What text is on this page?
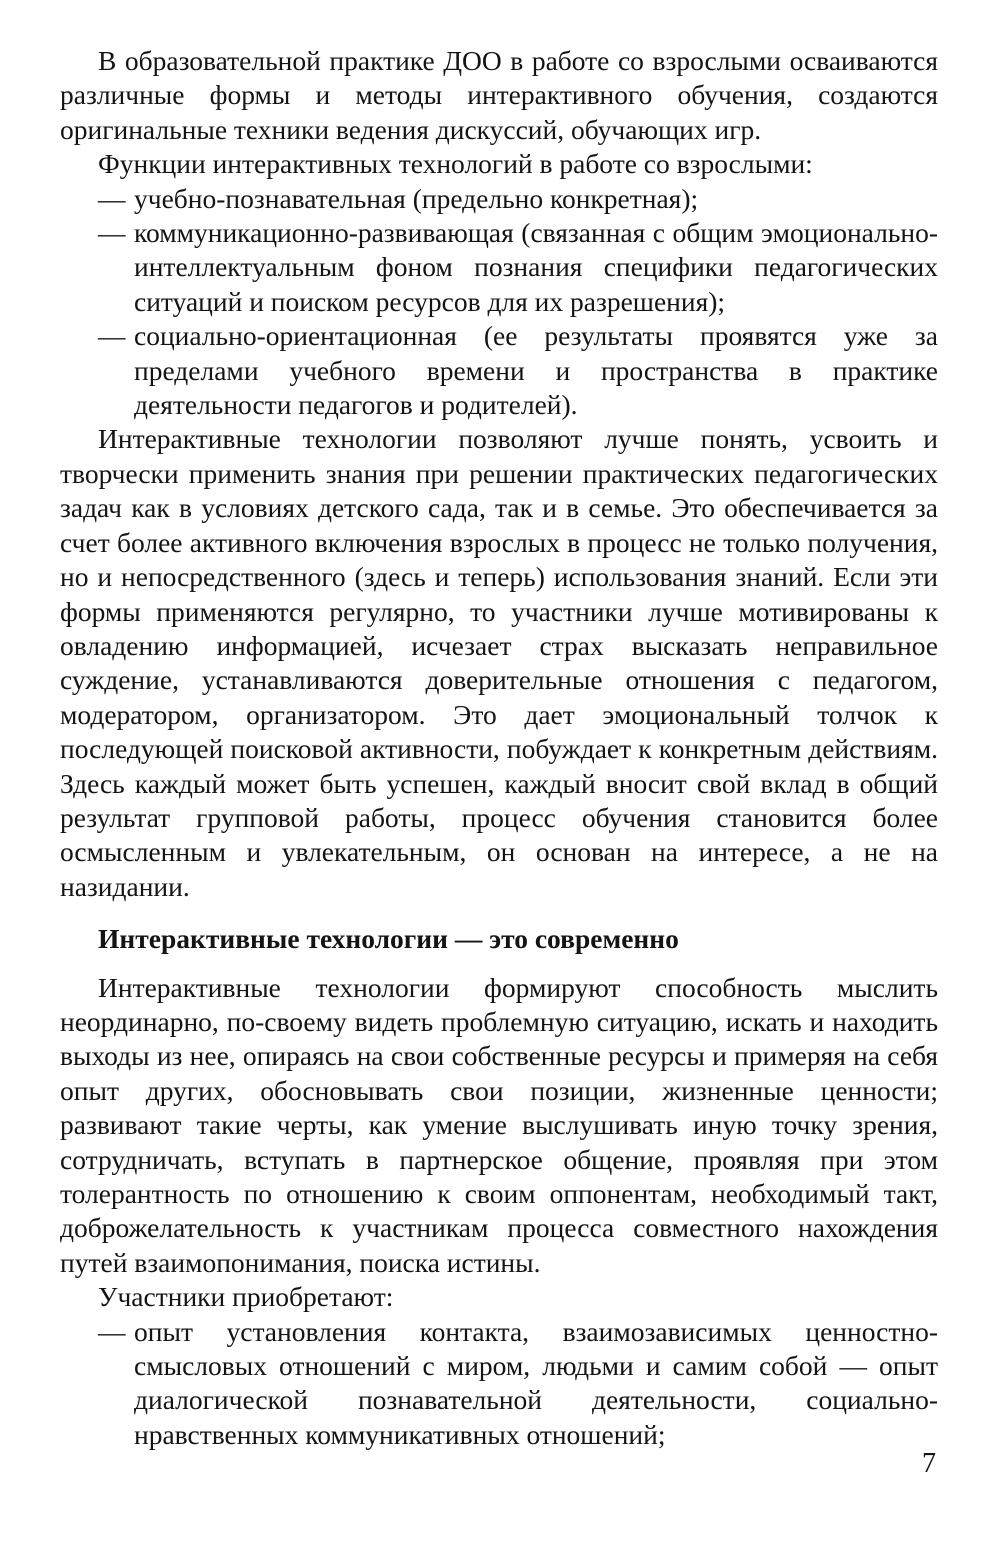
В образовательной практике ДОО в работе со взрослыми осваиваются различные формы и методы интерактивного обучения, создаются оригинальные техники ведения дискуссий, обучающих игр.

Функции интерактивных технологий в работе со взрослыми:

— учебно-познавательная (предельно конкретная);
— коммуникационно-развивающая (связанная с общим эмоционально-интеллектуальным фоном познания специфики педагогических ситуаций и поиском ресурсов для их разрешения);
— социально-ориентационная (ее результаты проявятся уже за пределами учебного времени и пространства в практике деятельности педагогов и родителей).

Интерактивные технологии позволяют лучше понять, усвоить и творчески применить знания при решении практических педагогических задач как в условиях детского сада, так и в семье. Это обеспечивается за счет более активного включения взрослых в процесс не только получения, но и непосредственного (здесь и теперь) использования знаний. Если эти формы применяются регулярно, то участники лучше мотивированы к овладению информацией, исчезает страх высказать неправильное суждение, устанавливаются доверительные отношения с педагогом, модератором, организатором. Это дает эмоциональный толчок к последующей поисковой активности, побуждает к конкретным действиям. Здесь каждый может быть успешен, каждый вносит свой вклад в общий результат групповой работы, процесс обучения становится более осмысленным и увлекательным, он основан на интересе, а не на назидании.

Интерактивные технологии — это современно

Интерактивные технологии формируют способность мыслить неординарно, по-своему видеть проблемную ситуацию, искать и находить выходы из нее, опираясь на свои собственные ресурсы и примеряя на себя опыт других, обосновывать свои позиции, жизненные ценности; развивают такие черты, как умение выслушивать иную точку зрения, сотрудничать, вступать в партнерское общение, проявляя при этом толерантность по отношению к своим оппонентам, необходимый такт, доброжелательность к участникам процесса совместного нахождения путей взаимопонимания, поиска истины.

Участники приобретают:

— опыт установления контакта, взаимозависимых ценностно-смысловых отношений с миром, людьми и самим собой — опыт диалогической познавательной деятельности, социально-нравственных коммуникативных отношений;
7
